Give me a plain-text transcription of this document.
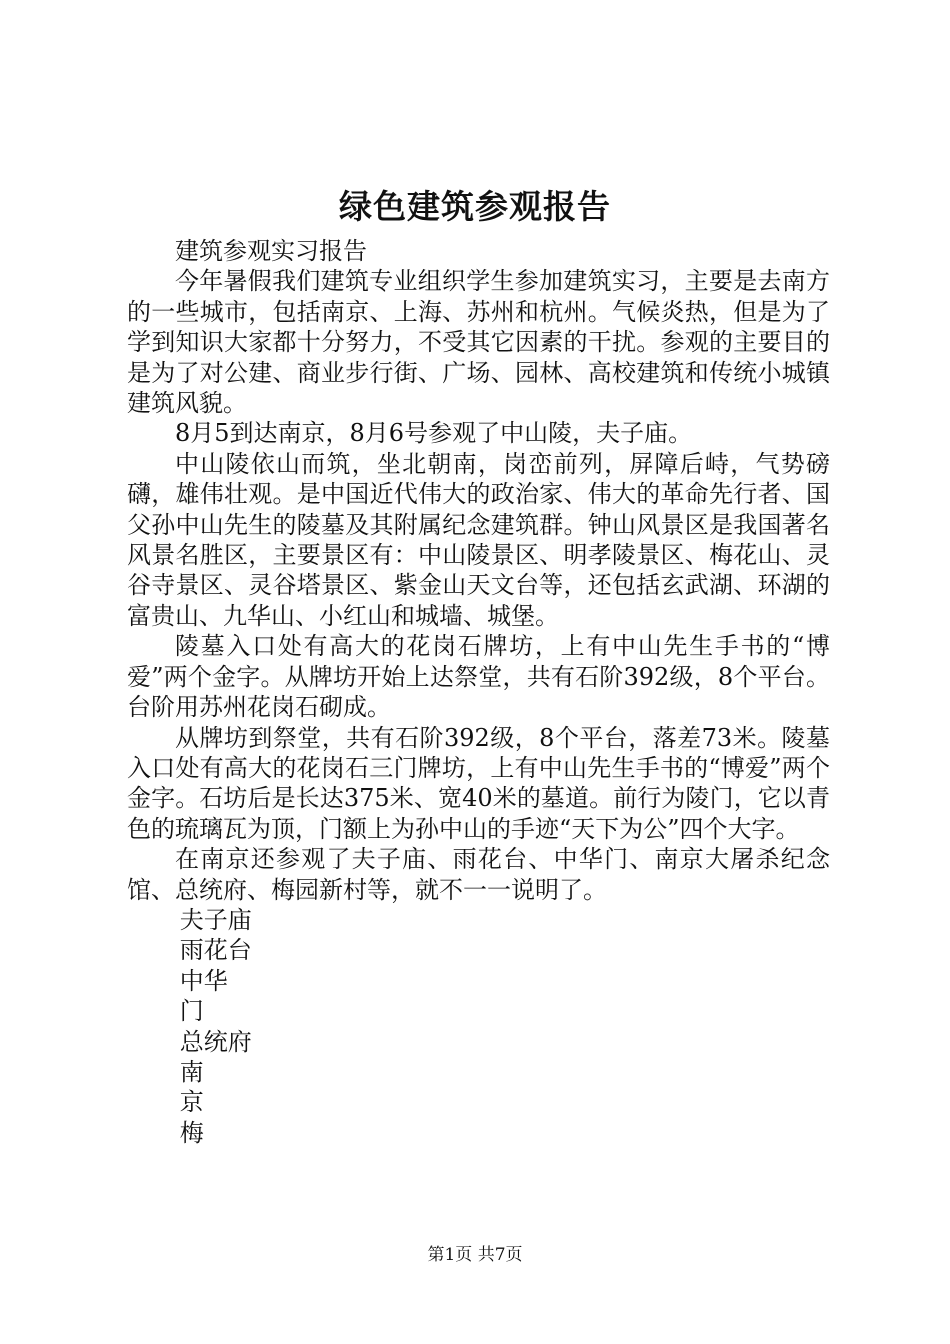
绿色建筑参观报告

建筑参观实习报告

今年暑假我们建筑专业组织学生参加建筑实习，主要是去南方的一些城市，包括南京、上海、苏州和杭州。气候炎热，但是为了学到知识大家都十分努力，不受其它因素的干扰。参观的主要目的是为了对公建、商业步行街、广场、园林、高校建筑和传统小城镇建筑风貌。

8月5到达南京，8月6号参观了中山陵，夫子庙。

中山陵依山而筑，坐北朝南，岗峦前列，屏障后峙，气势磅礴，雄伟壮观。是中国近代伟大的政治家、伟大的革命先行者、国父孙中山先生的陵墓及其附属纪念建筑群。钟山风景区是我国著名风景名胜区，主要景区有：中山陵景区、明孝陵景区、梅花山、灵谷寺景区、灵谷塔景区、紫金山天文台等，还包括玄武湖、环湖的富贵山、九华山、小红山和城墙、城堡。

陵墓入口处有高大的花岗石牌坊，上有中山先生手书的“博爱”两个金字。从牌坊开始上达祭堂，共有石阶392级，8个平台。台阶用苏州花岗石砌成。

从牌坊到祭堂，共有石阶392级，8个平台，落差73米。陵墓入口处有高大的花岗石三门牌坊，上有中山先生手书的“博爱”两个金字。石坊后是长达375米、宽40米的墓道。前行为陵门，它以青色的琉璃瓦为顶，门额上为孙中山的手迹“天下为公”四个大字。

在南京还参观了夫子庙、雨花台、中华门、南京大屠杀纪念馆、总统府、梅园新村等，就不一一说明了。

夫子庙

雨花台

中华

门

总统府

南

京

梅

第1页 共7页
